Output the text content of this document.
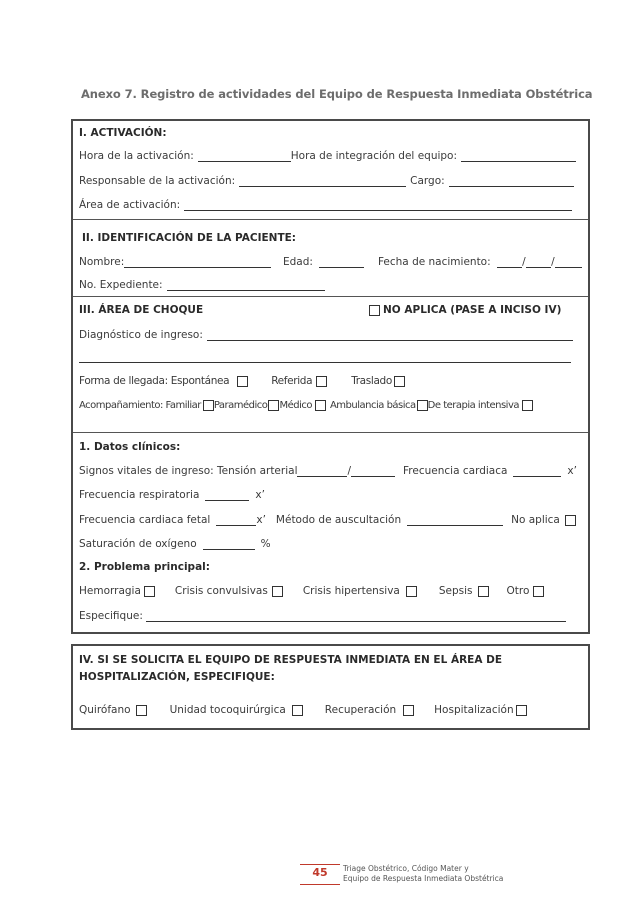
Anexo 7. Registro de actividades del Equipo de Respuesta Inmediata Obstétrica
I. ACTIVACIÓN:
Hora de la activación:	Hora de integración del equipo:
Responsable de la activación:	Cargo:
Área de activación:
II. IDENTIFICACIÓN DE LA PACIENTE:
Nombre:	Edad:	Fecha de nacimiento:	/ /
No. Expediente:
III. ÁREA DE CHOQUE	NO APLICA (PASE A INCISO IV)
Diagnóstico de ingreso:
Forma de llegada: Espontánea	Referida	Traslado
Acompañamiento: Familiar Paramédico Médico Ambulancia básica De terapia intensiva
1. Datos clínicos:
Signos vitales de ingreso: Tensión arterial	/	Frecuencia cardiaca	x’
Frecuencia respiratoria	x’
Frecuencia cardiaca fetal	x’ Método de auscultación	No aplica
Saturación de oxígeno	%
2. Problema principal:
Hemorragia	Crisis convulsivas	Crisis hipertensiva	Sepsis	Otro
Especifique:
IV. SI SE SOLICITA EL EQUIPO DE RESPUESTA INMEDIATA EN EL ÁREA DE
HOSPITALIZACIÓN, ESPECIFIQUE:
Quirófano	Unidad tocoquirúrgica	Recuperación	Hospitalización
45	Triage Obstétrico, Código Mater y
Equipo de Respuesta Inmediata Obstétrica
